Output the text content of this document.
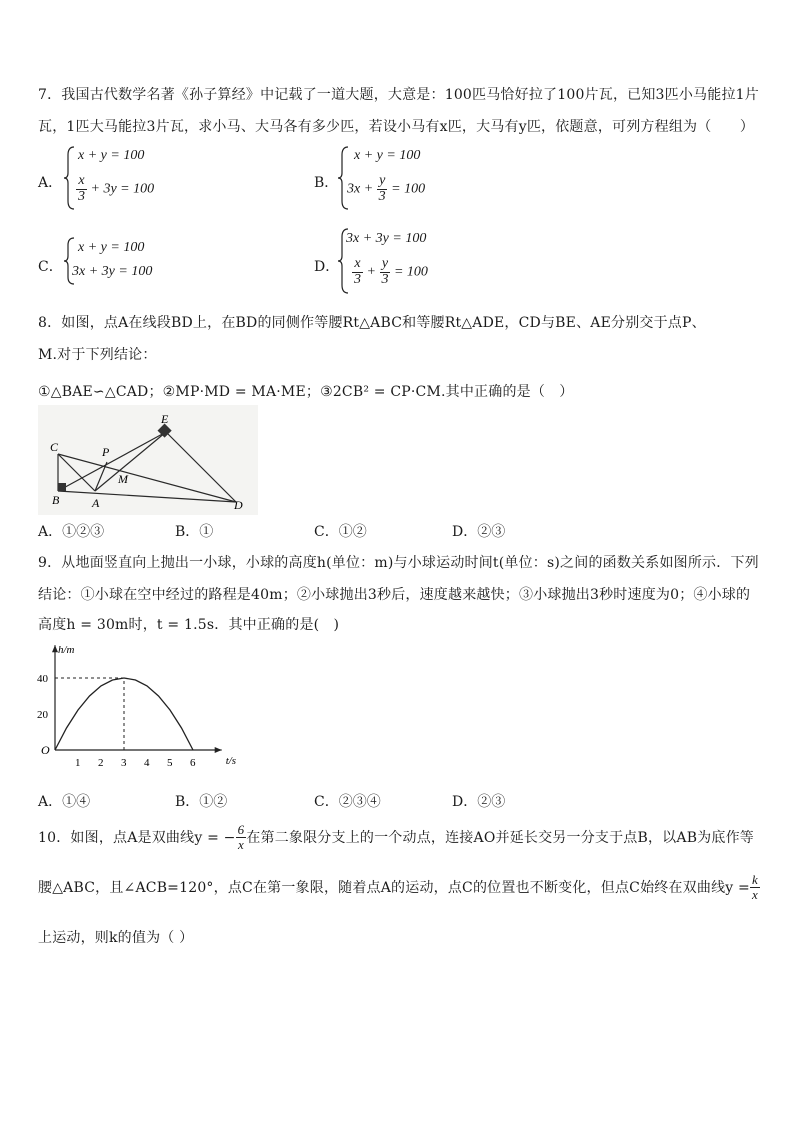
7．我国古代数学名著《孙子算经》中记载了一道大题，大意是：100匹马恰好拉了100片瓦，已知3匹小马能拉1片
瓦，1匹大马能拉3片瓦，求小马、大马各有多少匹，若设小马有x匹，大马有y匹，依题意，可列方程组为（　　）
A．
x + y = 100
$\frac{x}{3} + 3y = 100$	B．
x + y = 100
$3x + \frac{y}{3} = 100$
C．
x + y = 100
3x + 3y = 100	D．
3x + 3y = 100
$\frac{x}{3} + \frac{y}{3} = 100$
8．如图，点A在线段BD上，在BD的同侧作等腰Rt△ABC和等腰Rt△ADE，CD与BE、AE分别交于点P、
M.对于下列结论：
①△BAE∽△CAD；②MP·MD = MA·ME；③2CB² = CP·CM.其中正确的是（　）
C
E
P
M
B	A	D
A．①②③	B．①	C．①②	D．②③
9．从地面竖直向上抛出一小球，小球的高度h(单位：m)与小球运动时间t(单位：s)之间的函数关系如图所示．下列
结论：①小球在空中经过的路程是40m；②小球抛出3秒后，速度越来越快；③小球抛出3秒时速度为0；④小球的
高度h = 30m时，t = 1.5s．其中正确的是(　)
h/m
t/s
O
1 2 3 4 5 6
20
40
A．①④	B．①②	C．②③④	D．②③
10．如图，点A是双曲线y = − $\frac{6}{x}$ 在第二象限分支上的一个动点，连接AO并延长交另一分支于点B，以AB为底作等
腰△ABC，且∠ACB=120°，点C在第一象限，随着点A的运动，点C的位置也不断变化，但点C始终在双曲线$y = \frac{k}{x}$
上运动，则k的值为（ ）
